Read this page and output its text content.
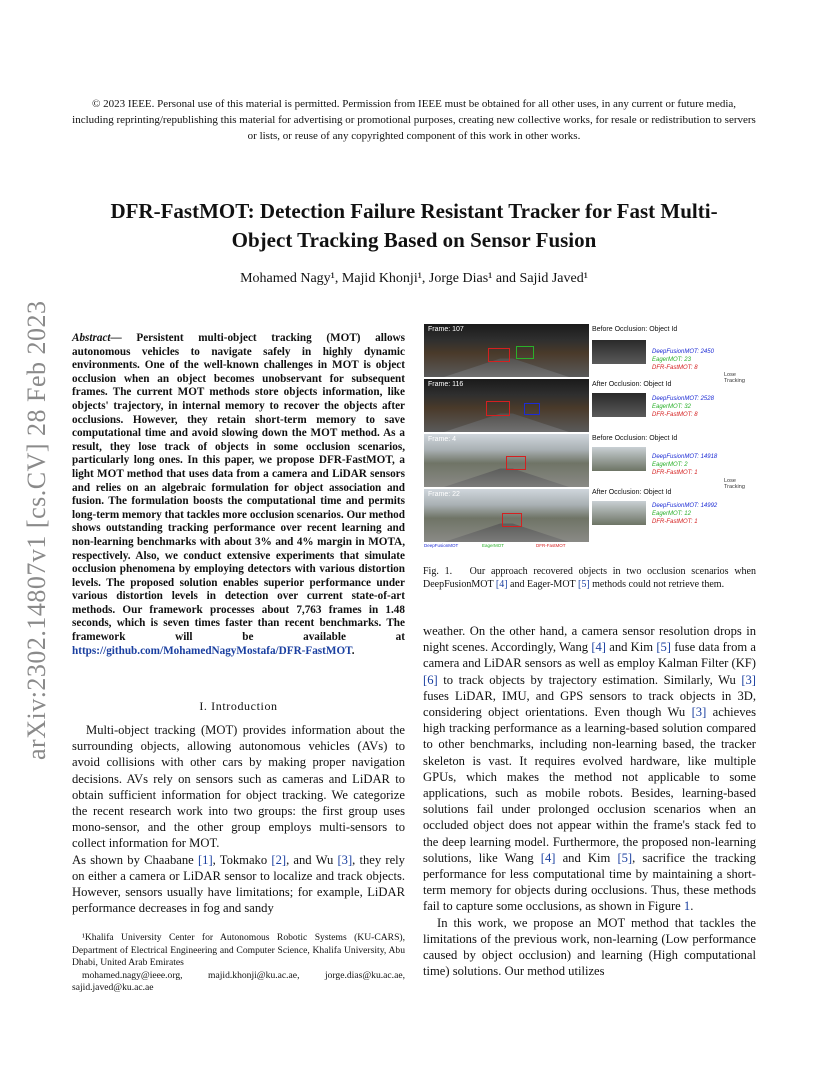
© 2023 IEEE. Personal use of this material is permitted. Permission from IEEE must be obtained for all other uses, in any current or future media, including reprinting/republishing this material for advertising or promotional purposes, creating new collective works, for resale or redistribution to servers or lists, or reuse of any copyrighted component of this work in other works.
DFR-FastMOT: Detection Failure Resistant Tracker for Fast Multi-Object Tracking Based on Sensor Fusion
Mohamed Nagy¹, Majid Khonji¹, Jorge Dias¹ and Sajid Javed¹
arXiv:2302.14807v1 [cs.CV] 28 Feb 2023 Abstract— Persistent multi-object tracking (MOT) allows autonomous vehicles to navigate safely in highly dynamic environments. One of the well-known challenges in MOT is object occlusion when an object becomes unobservant for subsequent frames. The current MOT methods store objects information, like objects' trajectory, in internal memory to recover the objects after occlusions. However, they retain short-term memory to save computational time and avoid slowing down the MOT method. As a result, they lose track of objects in some occlusion scenarios, particularly long ones. In this paper, we propose DFR-FastMOT, a light MOT method that uses data from a camera and LiDAR sensors and relies on an algebraic formulation for object association and fusion. The formulation boosts the computational time and permits long-term memory that tackles more occlusion scenarios. Our method shows outstanding tracking performance over recent learning and non-learning benchmarks with about 3% and 4% margin in MOTA, respectively. Also, we conduct extensive experiments that simulate occlusion phenomena by employing detectors with various distortion levels. The proposed solution enables superior performance under various distortion levels in detection over current state-of-art methods. Our framework processes about 7,763 frames in 1.48 seconds, which is seven times faster than recent benchmarks. The framework will be available at https://github.com/MohamedNagyMostafa/DFR-FastMOT.
I. Introduction
Multi-object tracking (MOT) provides information about the surrounding objects, allowing autonomous vehicles (AVs) to avoid collisions with other cars by making proper navigation decisions. AVs rely on sensors such as cameras and LiDAR to obtain sufficient information for object tracking. We categorize the recent research work into two groups: the first group uses mono-sensor, and the other group employs multi-sensors to collect information for MOT.
As shown by Chaabane [1], Tokmako [2], and Wu [3], they rely on either a camera or LiDAR sensor to localize and track objects. However, sensors usually have limitations; for example, LiDAR performance decreases in fog and sandy
¹Khalifa University Center for Autonomous Robotic Systems (KU-CARS), Department of Electrical Engineering and Computer Science, Khalifa University, Abu Dhabi, United Arab Emirates
mohamed.nagy@ieee.org, majid.khonji@ku.ac.ae, jorge.dias@ku.ac.ae, sajid.javed@ku.ac.ae
Frame: 107
Frame: 116
Frame: 4
Frame: 22
Before Occlusion: Object Id
DeepFusionMOT: 2450
EagerMOT: 23
DFR-FastMOT: 8
Lose Tracking
After Occlusion: Object Id
DeepFusionMOT: 2528
EagerMOT: 32
DFR-FastMOT: 8
Before Occlusion: Object Id
DeepFusionMOT: 14918
EagerMOT: 2
DFR-FastMOT: 1
Lose Tracking
After Occlusion: Object Id
DeepFusionMOT: 14992
EagerMOT: 12
DFR-FastMOT: 1
DeepFusionMOT	EagerMOT	DFR-FastMOT
Fig. 1. Our approach recovered objects in two occlusion scenarios when DeepFusionMOT [4] and Eager-MOT [5] methods could not retrieve them.
weather. On the other hand, a camera sensor resolution drops in night scenes. Accordingly, Wang [4] and Kim [5] fuse data from a camera and LiDAR sensors as well as employ Kalman Filter (KF) [6] to track objects by trajectory estimation. Similarly, Wu [3] fuses LiDAR, IMU, and GPS sensors to track objects in 3D, considering object orientations. Even though Wu [3] achieves high tracking performance as a learning-based solution compared to other benchmarks, including non-learning based, the tracker skeleton is vast. It requires evolved hardware, like multiple GPUs, which makes the method not applicable to some applications, such as mobile robots. Besides, learning-based solutions fail under prolonged occlusion scenarios when an occluded object does not appear within the frame's stack fed to the deep learning model. Furthermore, the proposed non-learning solutions, like Wang [4] and Kim [5], sacrifice the tracking performance for less computational time by maintaining a short-term memory for objects during occlusions. Thus, these methods fail to capture some occlusions, as shown in Figure 1.
In this work, we propose an MOT method that tackles the limitations of the previous work, non-learning (Low performance caused by object occlusion) and learning (High computational time) solutions. Our method utilizes
